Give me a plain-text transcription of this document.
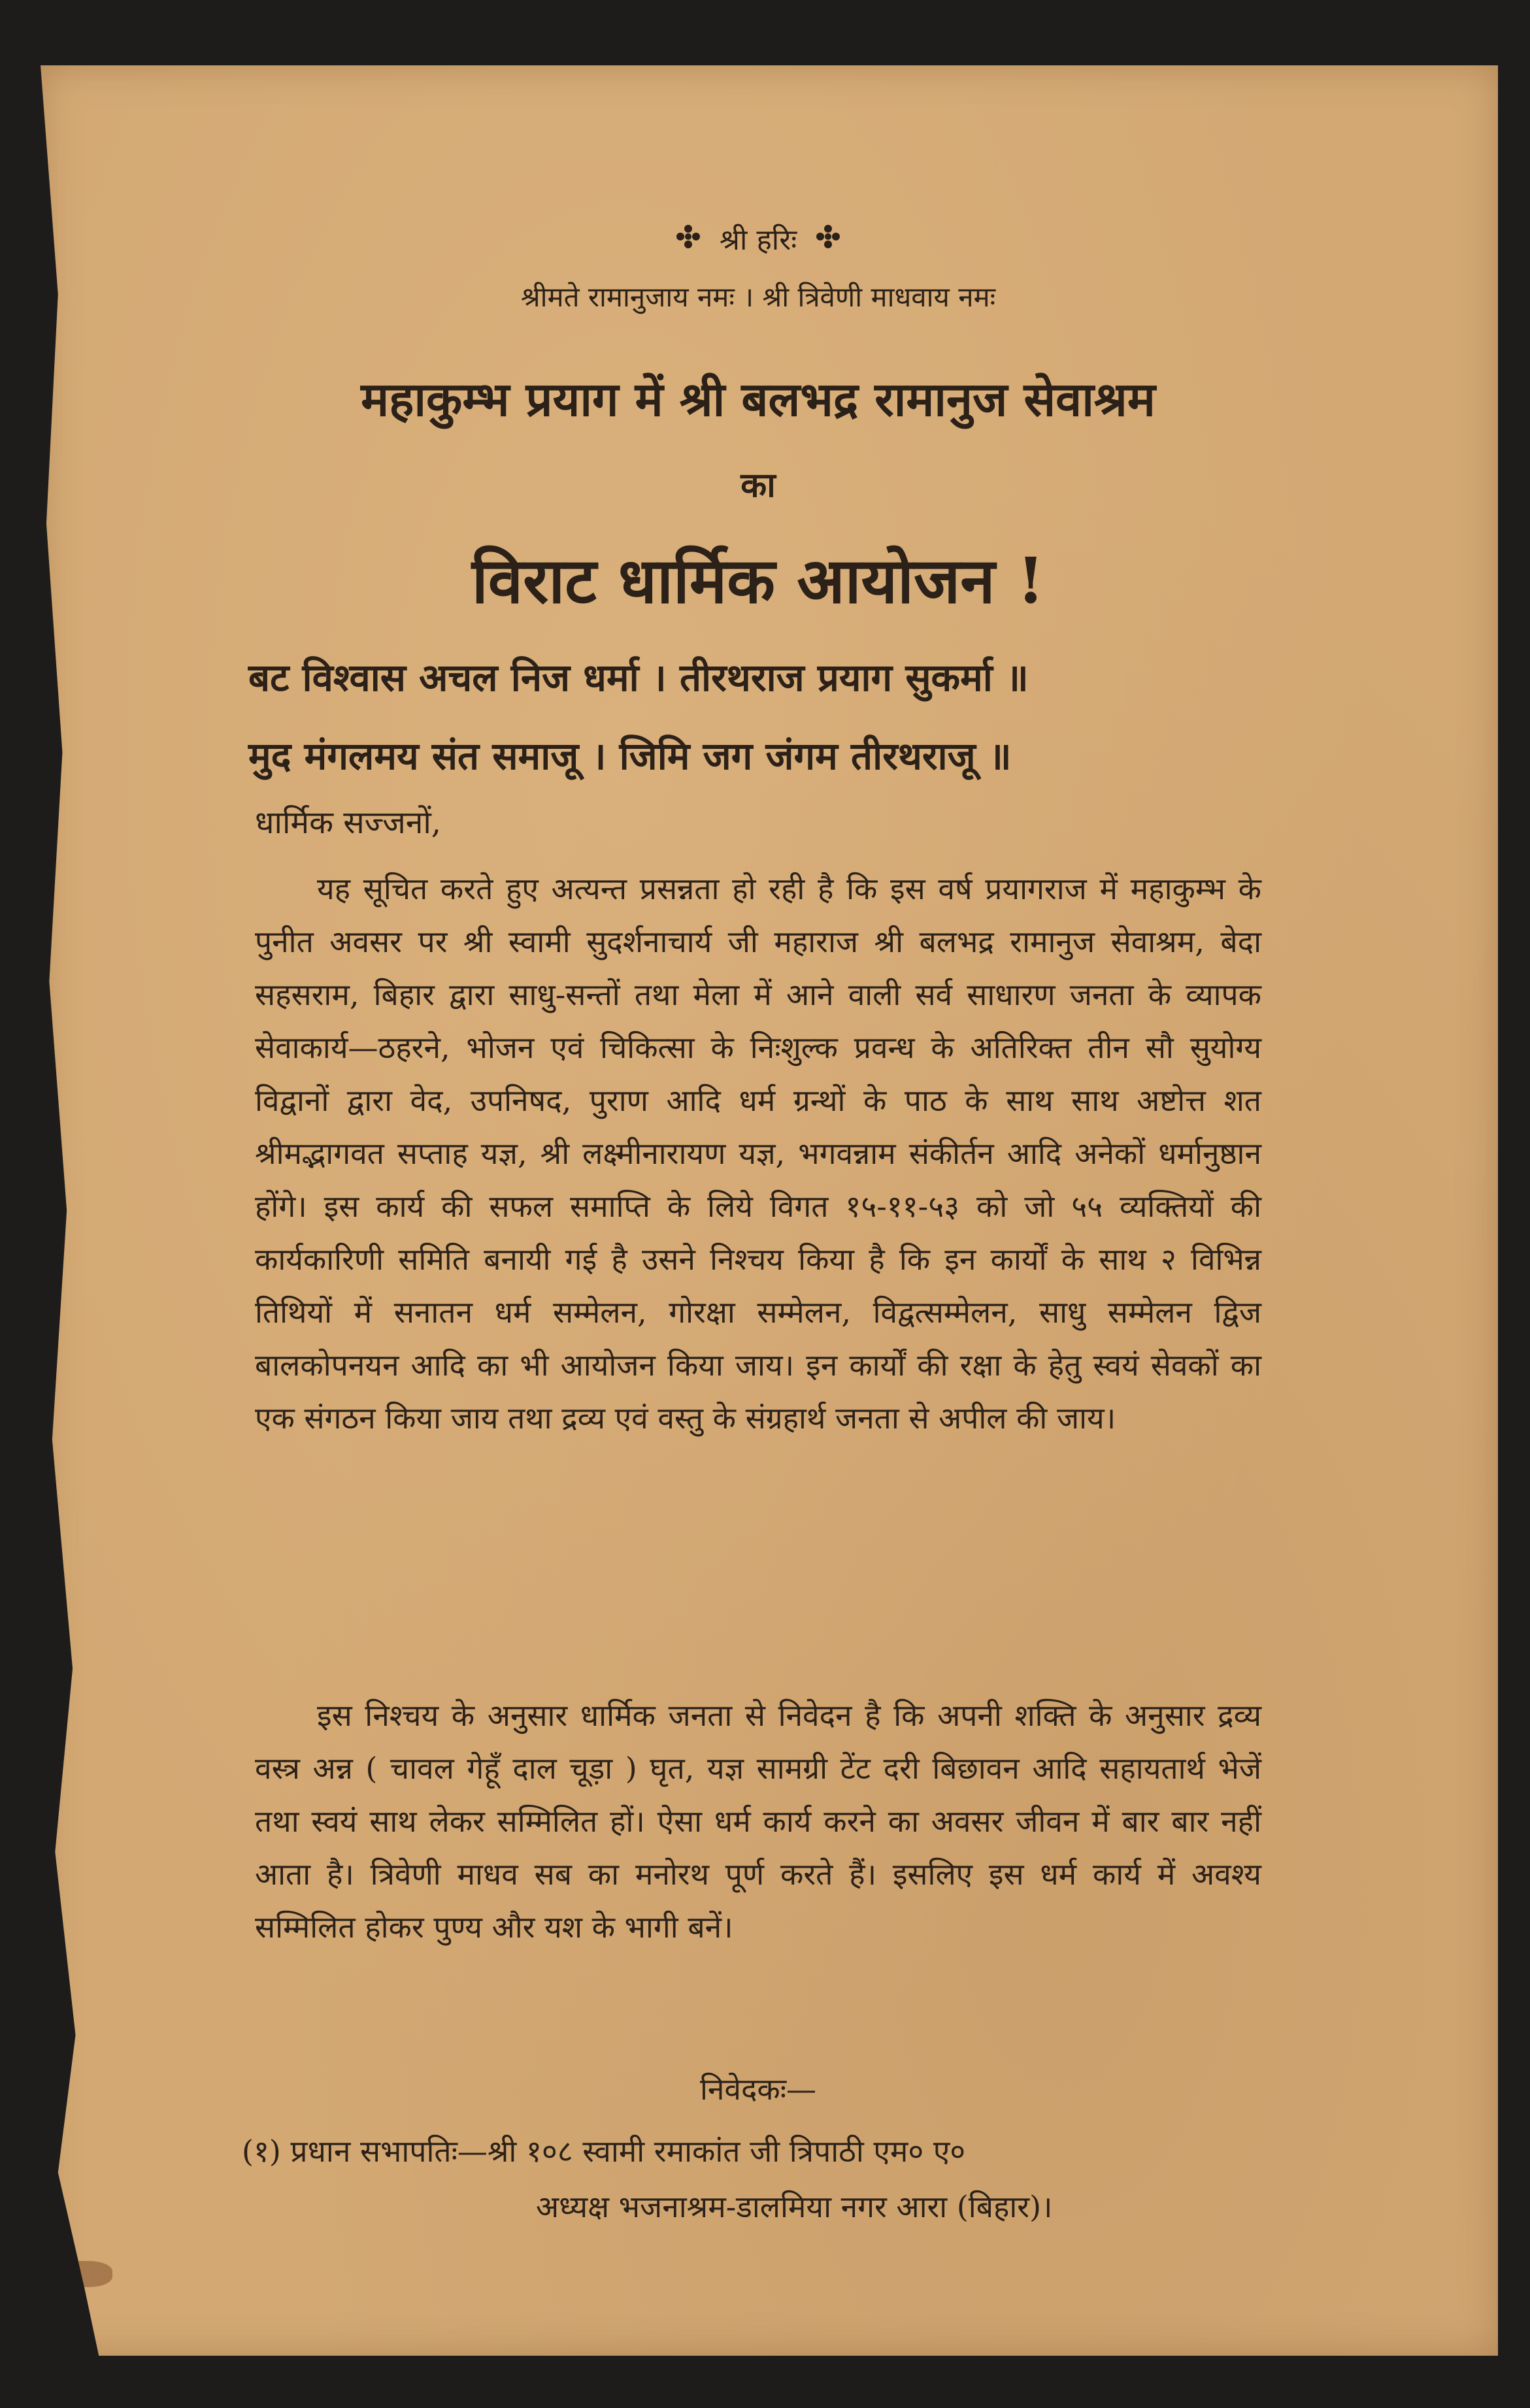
श्री हरिः
श्रीमते रामानुजाय नमः । श्री त्रिवेणी माधवाय नमः
महाकुम्भ प्रयाग में श्री बलभद्र रामानुज सेवाश्रम
का
विराट धार्मिक आयोजन !
बट विश्वास अचल निज धर्मा । तीरथराज प्रयाग सुकर्मा ॥
मुद मंगलमय संत समाजू । जिमि जग जंगम तीरथराजू ॥
धार्मिक सज्जनों,

यह सूचित करते हुए अत्यन्त प्रसन्नता हो रही है कि इस वर्ष प्रयागराज में महाकुम्भ के पुनीत अवसर पर श्री स्वामी सुदर्शनाचार्य जी महाराज श्री बलभद्र रामानुज सेवाश्रम, बेदा सहसराम, बिहार द्वारा साधु-सन्तों तथा मेला में आने वाली सर्व साधारण जनता के व्यापक सेवाकार्य—ठहरने, भोजन एवं चिकित्सा के निःशुल्क प्रवन्ध के अतिरिक्त तीन सौ सुयोग्य विद्वानों द्वारा वेद, उपनिषद, पुराण आदि धर्म ग्रन्थों के पाठ के साथ साथ अष्टोत्त शत श्रीमद्भागवत सप्ताह यज्ञ, श्री लक्ष्मीनारायण यज्ञ, भगवन्नाम संकीर्तन आदि अनेकों धर्मानुष्ठान होंगे। इस कार्य की सफल समाप्ति के लिये विगत १५-११-५३ को जो ५५ व्यक्तियों की कार्यकारिणी समिति बनायी गई है उसने निश्चय किया है कि इन कार्यों के साथ २ विभिन्न तिथियों में सनातन धर्म सम्मेलन, गोरक्षा सम्मेलन, विद्वत्सम्मेलन, साधु सम्मेलन द्विज बालकोपनयन आदि का भी आयोजन किया जाय। इन कार्यों की रक्षा के हेतु स्वयं सेवकों का एक संगठन किया जाय तथा द्रव्य एवं वस्तु के संग्रहार्थ जनता से अपील की जाय।

इस निश्चय के अनुसार धार्मिक जनता से निवेदन है कि अपनी शक्ति के अनुसार द्रव्य वस्त्र अन्न ( चावल गेहूँ दाल चूड़ा ) घृत, यज्ञ सामग्री टेंट दरी बिछावन आदि सहायतार्थ भेजें तथा स्वयं साथ लेकर सम्मिलित हों। ऐसा धर्म कार्य करने का अवसर जीवन में बार बार नहीं आता है। त्रिवेणी माधव सब का मनोरथ पूर्ण करते हैं। इसलिए इस धर्म कार्य में अवश्य सम्मिलित होकर पुण्य और यश के भागी बनें।

निवेदकः—
(१) प्रधान सभापतिः—श्री १०८ स्वामी रमाकांत जी त्रिपाठी एम० ए०
अध्यक्ष भजनाश्रम-डालमिया नगर आरा (बिहार)।
